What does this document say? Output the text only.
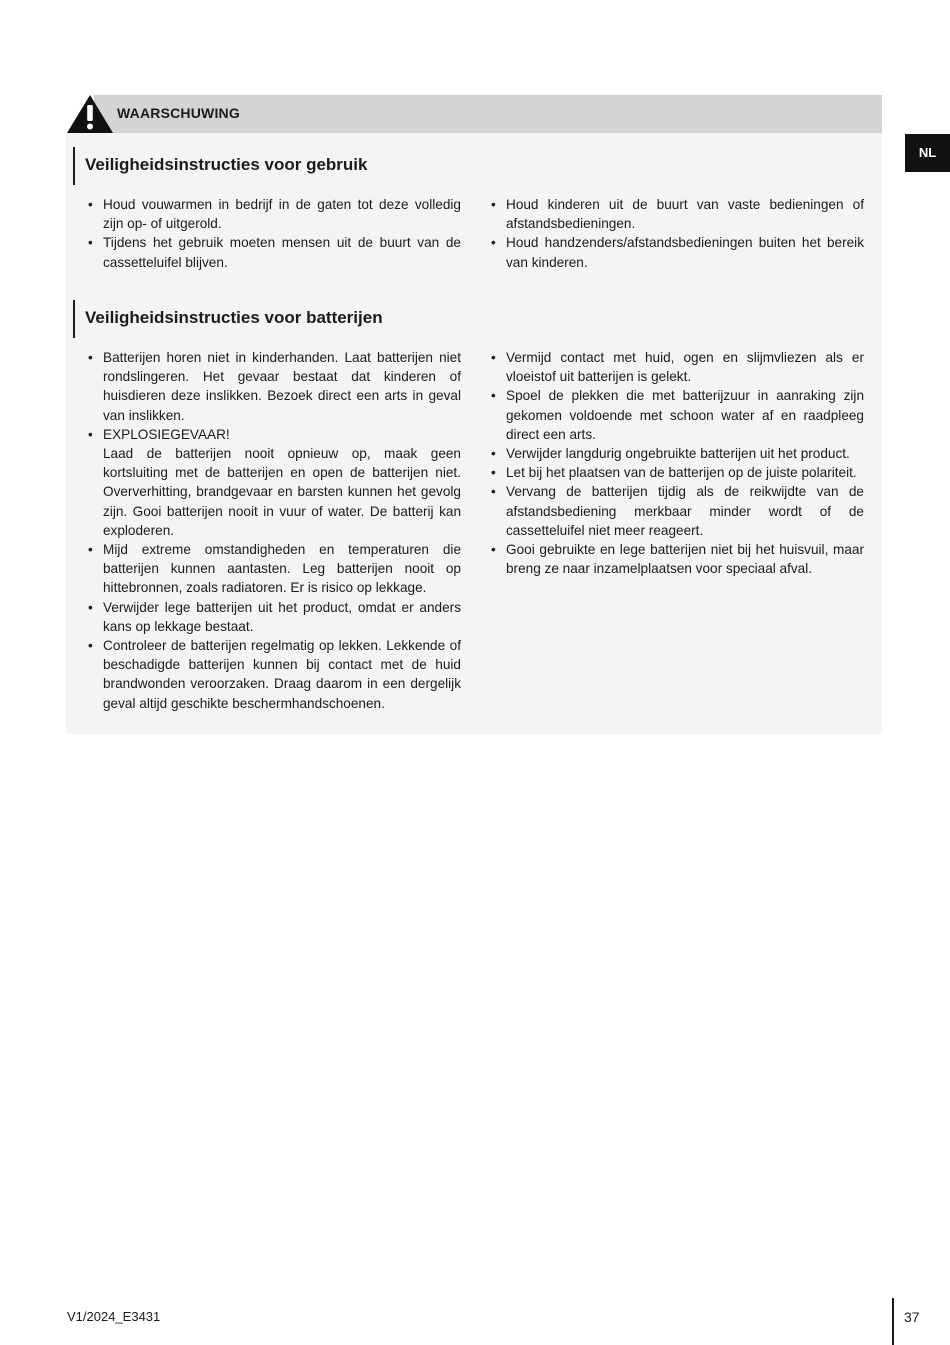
WAARSCHUWING
NL
Veiligheidsinstructies voor gebruik
• Houd vouwarmen in bedrijf in de gaten tot deze volledig zijn op- of uitgerold.
• Tijdens het gebruik moeten mensen uit de buurt van de cassetteluifel blijven.
• Houd kinderen uit de buurt van vaste bedieningen of afstandsbedieningen.
• Houd handzenders/afstandsbedieningen buiten het bereik van kinderen.
Veiligheidsinstructies voor batterijen
• Batterijen horen niet in kinderhanden. Laat batterijen niet rondslingeren. Het gevaar bestaat dat kinderen of huisdieren deze inslikken. Bezoek direct een arts in geval van inslikken.
• EXPLOSIEGEVAAR!
Laad de batterijen nooit opnieuw op, maak geen kortsluiting met de batterijen en open de batterijen niet. Oververhitting, brandgevaar en barsten kunnen het gevolg zijn. Gooi batterijen nooit in vuur of water. De batterij kan exploderen.
• Mijd extreme omstandigheden en temperaturen die batterijen kunnen aantasten. Leg batterijen nooit op hittebronnen, zoals radiatoren. Er is risico op lekkage.
• Verwijder lege batterijen uit het product, omdat er anders kans op lekkage bestaat.
• Controleer de batterijen regelmatig op lekken. Lekkende of beschadigde batterijen kunnen bij contact met de huid brandwonden veroorzaken. Draag daarom in een dergelijk geval altijd geschikte beschermhandschoenen.
• Vermijd contact met huid, ogen en slijmvliezen als er vloeistof uit batterijen is gelekt.
• Spoel de plekken die met batterijzuur in aanraking zijn gekomen voldoende met schoon water af en raadpleeg direct een arts.
• Verwijder langdurig ongebruikte batterijen uit het product.
• Let bij het plaatsen van de batterijen op de juiste polariteit.
• Vervang de batterijen tijdig als de reikwijdte van de afstandsbediening merkbaar minder wordt of de cassetteluifel niet meer reageert.
• Gooi gebruikte en lege batterijen niet bij het huisvuil, maar breng ze naar inzamelplaatsen voor speciaal afval.
V1/2024_E3431	37
